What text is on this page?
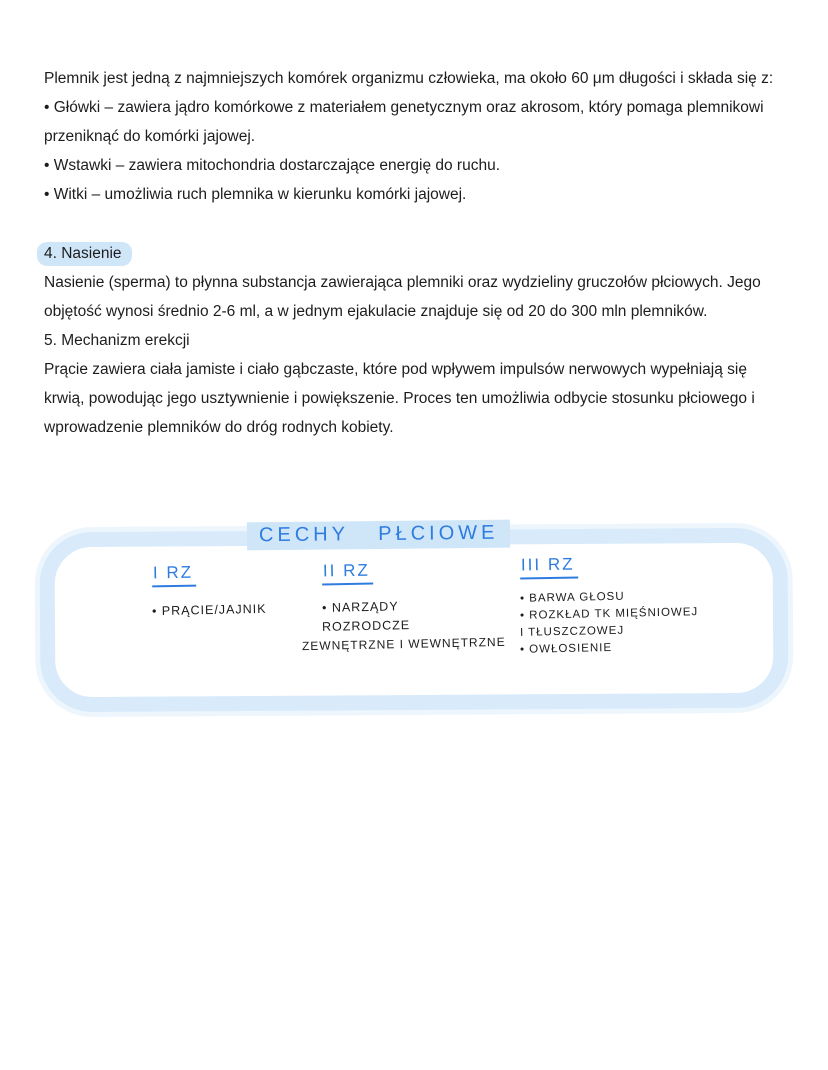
Plemnik jest jedną z najmniejszych komórek organizmu człowieka, ma około 60 μm długości i składa się z:

• Główki – zawiera jądro komórkowe z materiałem genetycznym oraz akrosom, który pomaga plemnikowi przeniknąć do komórki jajowej.

• Wstawki – zawiera mitochondria dostarczające energię do ruchu.

• Witki – umożliwia ruch plemnika w kierunku komórki jajowej.

4. Nasienie

Nasienie (sperma) to płynna substancja zawierająca plemniki oraz wydzieliny gruczołów płciowych. Jego objętość wynosi średnio 2-6 ml, a w jednym ejakulacie znajduje się od 20 do 300 mln plemników.

5. Mechanizm erekcji

Prącie zawiera ciała jamiste i ciało gąbczaste, które pod wpływem impulsów nerwowych wypełniają się krwią, powodując jego usztywnienie i powiększenie. Proces ten umożliwia odbycie stosunku płciowego i wprowadzenie plemników do dróg rodnych kobiety.

CECHY PŁCIOWE
I RZ
• PRĄCIE/JAJNIK
II RZ
• NARZĄDY
ROZRODCZE
ZEWNĘTRZNE I WEWNĘTRZNE
III RZ
• BARWA GŁOSU
• ROZKŁAD TK MIĘŚNIOWEJ
I TŁUSZCZOWEJ
• OWŁOSIENIE
